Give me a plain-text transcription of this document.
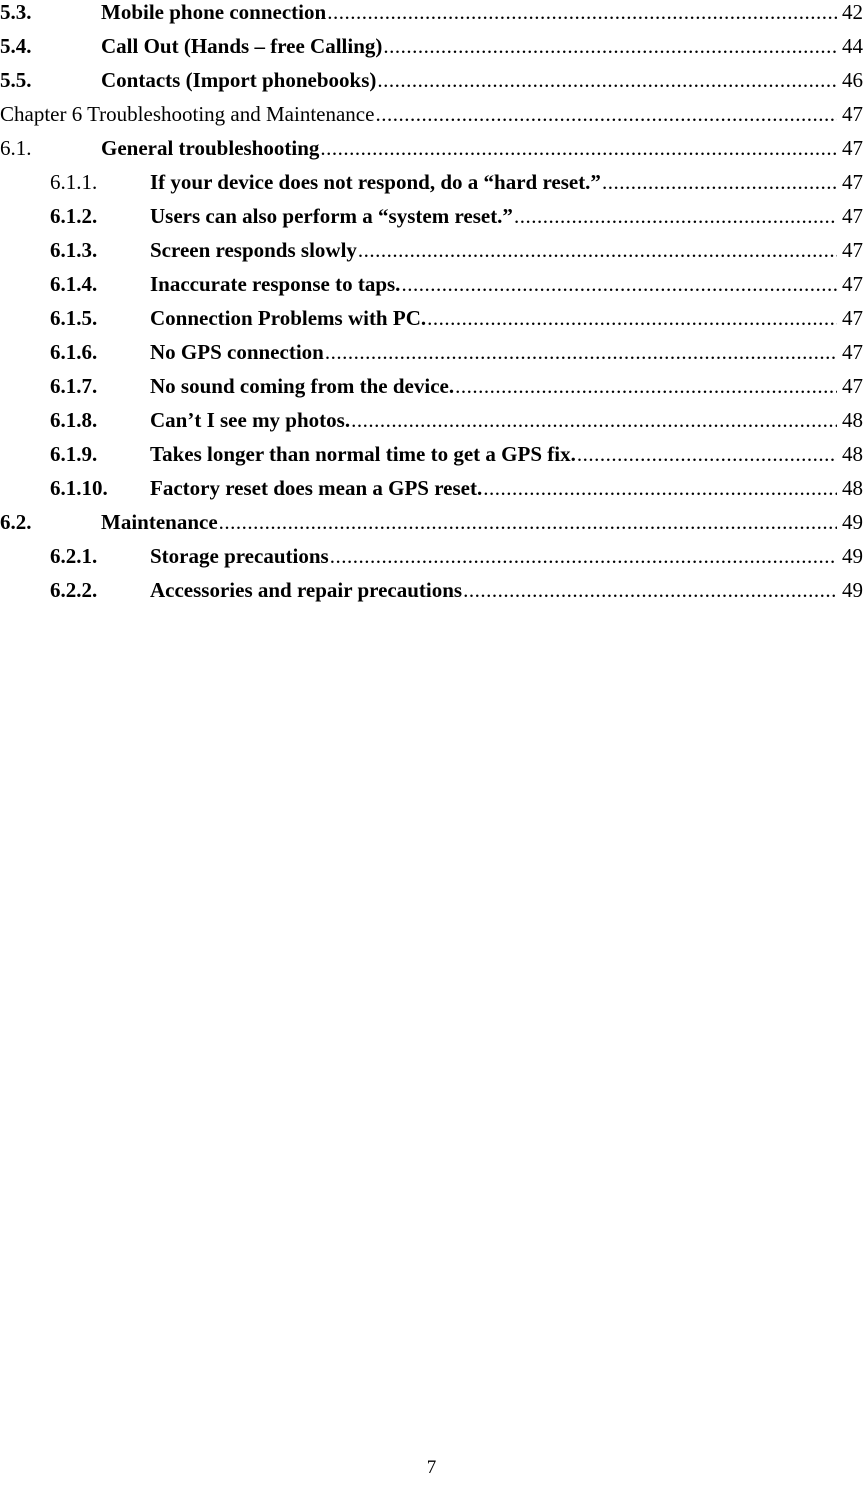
5.3.	Mobile phone connection .....	42
5.4.	Call Out (Hands – free Calling) .....	44
5.5.	Contacts (Import phonebooks) .....	46
Chapter 6 Troubleshooting and Maintenance .....	47
6.1.	General troubleshooting .....	47
6.1.1.	If your device does not respond, do a “hard reset.” .....	47
6.1.2.	Users can also perform a “system reset.” .....	47
6.1.3.	Screen responds slowly .....	47
6.1.4.	Inaccurate response to taps. .....	47
6.1.5.	Connection Problems with PC. .....	47
6.1.6.	No GPS connection .....	47
6.1.7.	No sound coming from the device. .....	47
6.1.8.	Can’t I see my photos. .....	48
6.1.9.	Takes longer than normal time to get a GPS fix. .....	48
6.1.10.	Factory reset does mean a GPS reset. .....	48
6.2.	Maintenance .....	49
6.2.1.	Storage precautions .....	49
6.2.2.	Accessories and repair precautions .....	49
7
